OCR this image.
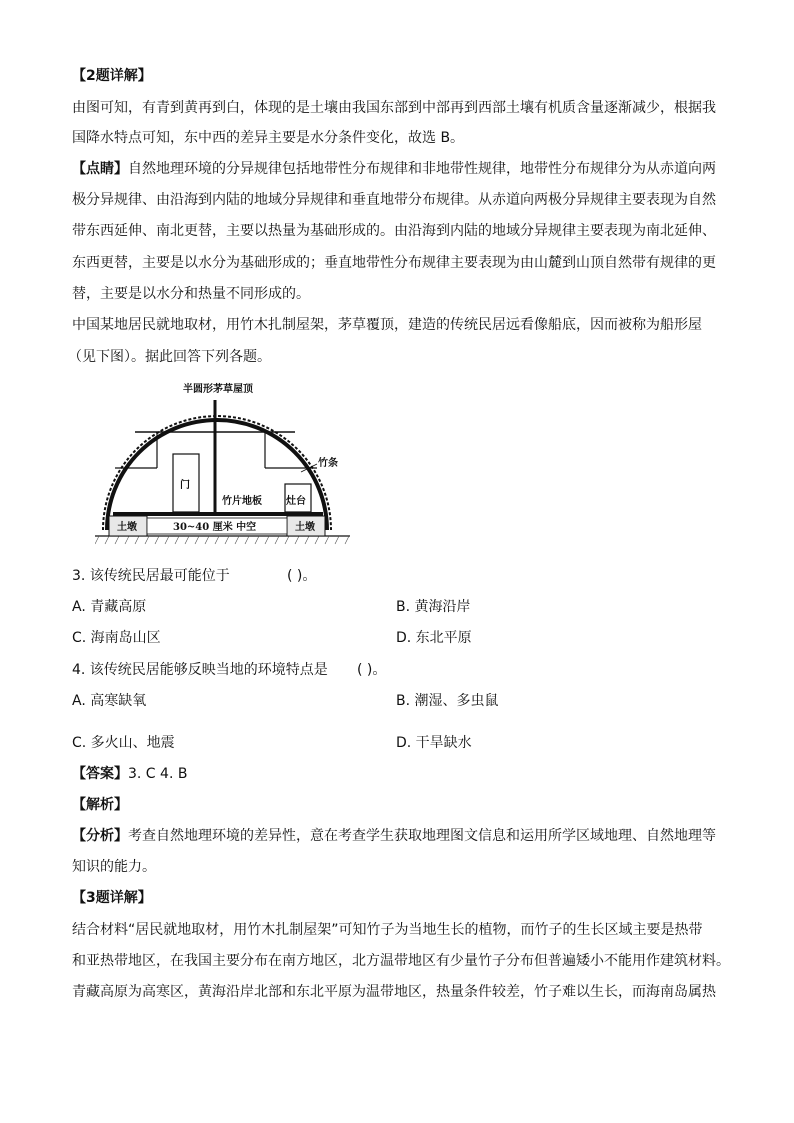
【2题详解】
由图可知，有青到黄再到白，体现的是土壤由我国东部到中部再到西部土壤有机质含量逐渐减少，根据我
国降水特点可知，东中西的差异主要是水分条件变化，故选 B。
【点睛】自然地理环境的分异规律包括地带性分布规律和非地带性规律，地带性分布规律分为从赤道向两
极分异规律、由沿海到内陆的地域分异规律和垂直地带分布规律。从赤道向两极分异规律主要表现为自然
带东西延伸、南北更替，主要以热量为基础形成的。由沿海到内陆的地域分异规律主要表现为南北延伸、
东西更替，主要是以水分为基础形成的；垂直地带性分布规律主要表现为由山麓到山顶自然带有规律的更
替，主要是以水分和热量不同形成的。
中国某地居民就地取材，用竹木扎制屋架，茅草覆顶，建造的传统民居远看像船底，因而被称为船形屋
（见下图）。据此回答下列各题。
半圆形茅草屋顶
竹条
门
竹片地板 灶台
土墩	土墩
30~40 厘米 中空
3. 该传统民居最可能位于	( )。
A. 青藏高原	B. 黄海沿岸
C. 海南岛山区	D. 东北平原
4. 该传统民居能够反映当地的环境特点是 ( )。
A. 高寒缺氧	B. 潮湿、多虫鼠
C. 多火山、地震	D. 干旱缺水
【答案】3. C 4. B
【解析】
【分析】考查自然地理环境的差异性，意在考查学生获取地理图文信息和运用所学区域地理、自然地理等
知识的能力。
【3题详解】
结合材料“居民就地取材，用竹木扎制屋架”可知竹子为当地生长的植物，而竹子的生长区域主要是热带
和亚热带地区，在我国主要分布在南方地区，北方温带地区有少量竹子分布但普遍矮小不能用作建筑材料。
青藏高原为高寒区，黄海沿岸北部和东北平原为温带地区，热量条件较差，竹子难以生长，而海南岛属热
